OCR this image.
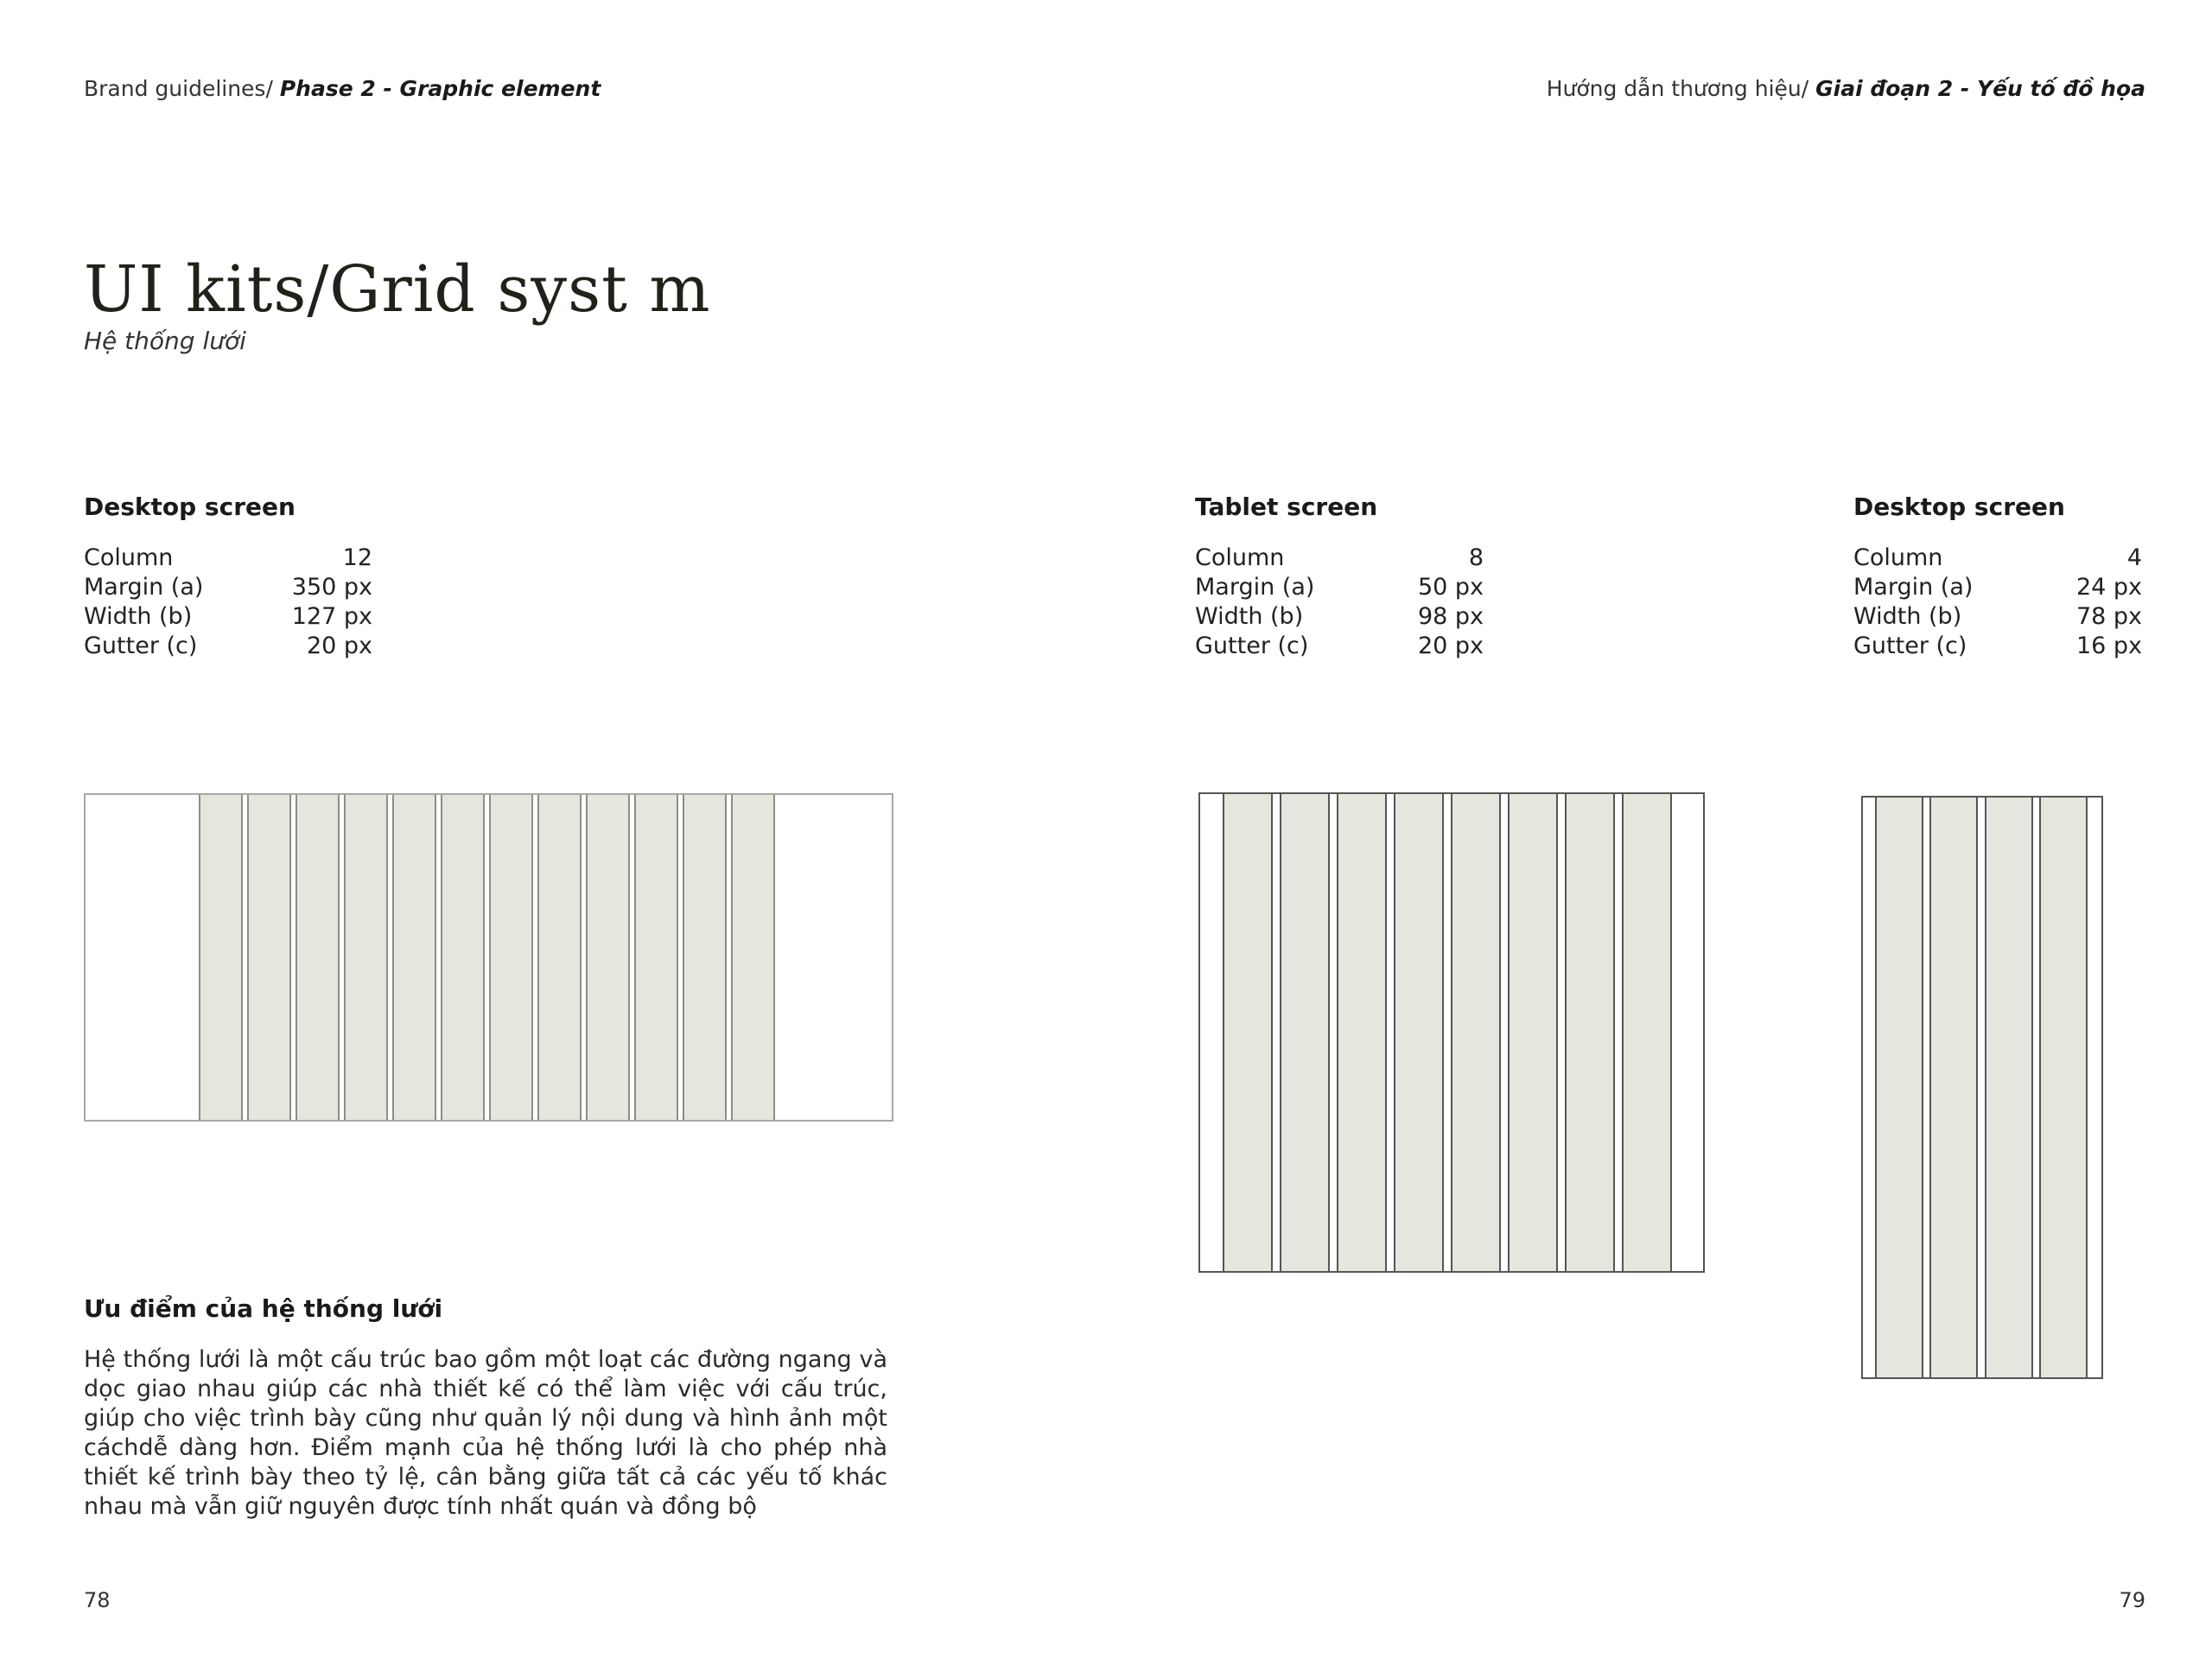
Brand guidelines/ Phase 2 - Graphic element	Hướng dẫn thương hiệu/ Giai đoạn 2 - Yếu tố đồ họa
UI kits/Grid syst m
Hệ thống lưới
Desktop screen
Column	12
Margin (a)	350 px
Width (b)	127 px
Gutter (c)	20 px
Tablet screen
Column	8
Margin (a)	50 px
Width (b)	98 px
Gutter (c)	20 px
Desktop screen
Column	4
Margin (a)	24 px
Width (b)	78 px
Gutter (c)	16 px
Ưu điểm của hệ thống lưới

Hệ thống lưới là một cấu trúc bao gồm một loạt các đường ngang và dọc giao nhau giúp các nhà thiết kế có thể làm việc với cấu trúc, giúp cho việc trình bày cũng như quản lý nội dung và hình ảnh một cáchdễ dàng hơn. Điểm mạnh của hệ thống lưới là cho phép nhà thiết kế trình bày theo tỷ lệ, cân bằng giữa tất cả các yếu tố khác nhau mà vẫn giữ nguyên được tính nhất quán và đồng bộ

78	79
